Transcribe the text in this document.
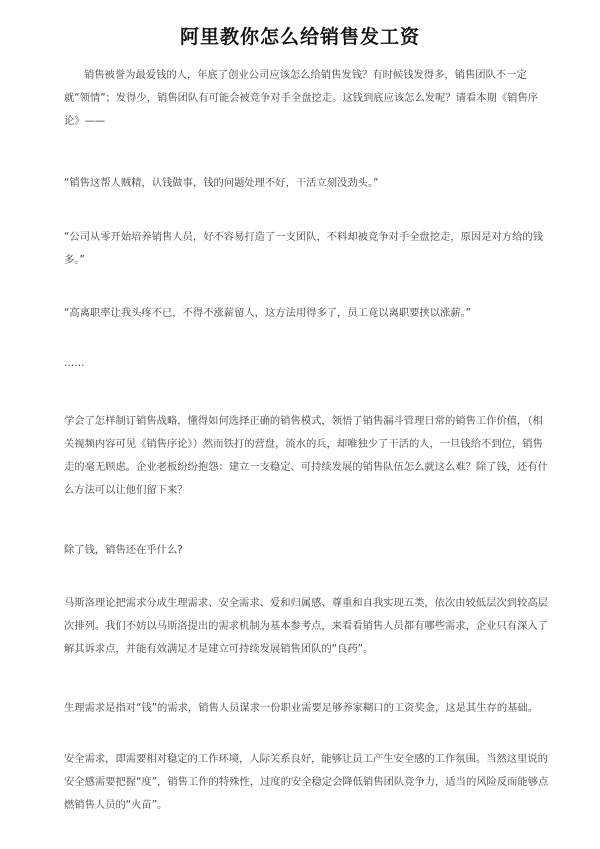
阿里教你怎么给销售发工资

销售被誉为最爱钱的人，年底了创业公司应该怎么给销售发钱？有时候钱发得多，销售团队不一定就“领情”；发得少，销售团队有可能会被竞争对手全盘挖走。这钱到底应该怎么发呢？请看本期《销售序论》——

“销售这帮人贼精，认钱做事，钱的问题处理不好，干活立刻没劲头。”

“公司从零开始培养销售人员，好不容易打造了一支团队，不料却被竞争对手全盘挖走，原因是对方给的钱多。”

“高离职率让我头疼不已，不得不涨薪留人，这方法用得多了，员工竟以离职要挟以涨薪。”

……

学会了怎样制订销售战略，懂得如何选择正确的销售模式，领悟了销售漏斗管理日常的销售工作价值，（相关视频内容可见《销售序论》）然而铁打的营盘，流水的兵，却唯独少了干活的人，一旦钱给不到位，销售走的毫无顾虑。企业老板纷纷抱怨：建立一支稳定、可持续发展的销售队伍怎么就这么难？除了钱，还有什么方法可以让他们留下来？

除了钱，销售还在乎什么?

马斯洛理论把需求分成生理需求、安全需求、爱和归属感、尊重和自我实现五类，依次由较低层次到较高层次排列。我们不妨以马斯洛提出的需求机制为基本参考点，来看看销售人员都有哪些需求，企业只有深入了解其诉求点，并能有效满足才是建立可持续发展销售团队的“良药”。

生理需求是指对“钱”的需求，销售人员谋求一份职业需要足够养家糊口的工资奖金，这是其生存的基础。

安全需求，即需要相对稳定的工作环境，人际关系良好，能够让员工产生安全感的工作氛围。当然这里说的安全感需要把握“度”，销售工作的特殊性，过度的安全稳定会降低销售团队竞争力，适当的风险反而能够点燃销售人员的“火苗”。
